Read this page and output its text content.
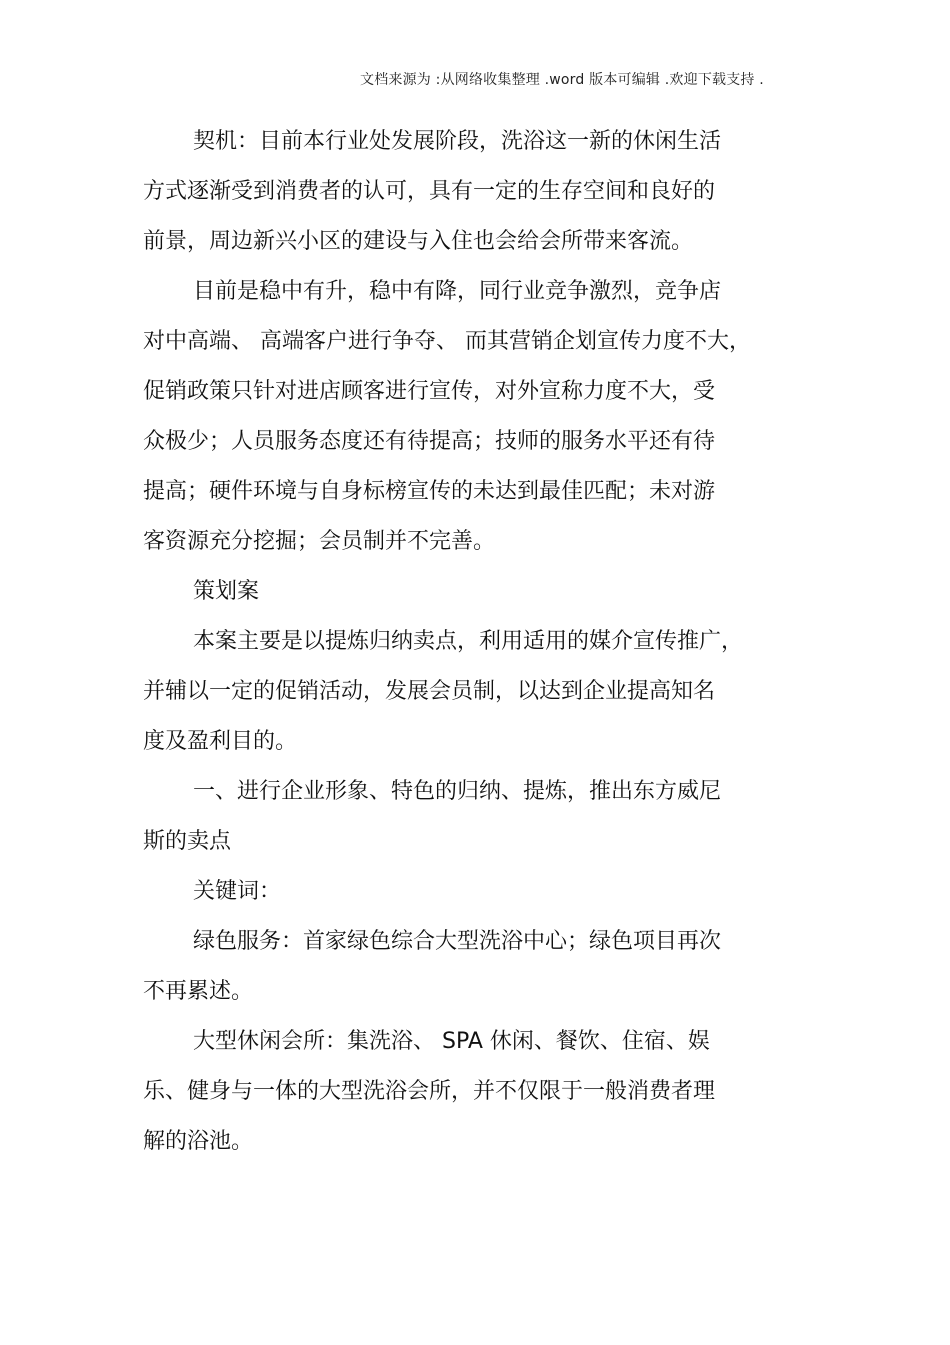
文档来源为 :从网络收集整理 .word 版本可编辑 .欢迎下载支持 .
契机：目前本行业处发展阶段，洗浴这一新的休闲生活
方式逐渐受到消费者的认可，具有一定的生存空间和良好的
前景，周边新兴小区的建设与入住也会给会所带来客流。
目前是稳中有升，稳中有降，同行业竞争激烈，竞争店
对中高端、 高端客户进行争夺、 而其营销企划宣传力度不大，
促销政策只针对进店顾客进行宣传，对外宣称力度不大，受
众极少；人员服务态度还有待提高；技师的服务水平还有待
提高；硬件环境与自身标榜宣传的未达到最佳匹配；未对游
客资源充分挖掘；会员制并不完善。
策划案
本案主要是以提炼归纳卖点，利用适用的媒介宣传推广，
并辅以一定的促销活动，发展会员制，以达到企业提高知名
度及盈利目的。
一、进行企业形象、特色的归纳、提炼，推出东方威尼
斯的卖点
关键词：
绿色服务：首家绿色综合大型洗浴中心；绿色项目再次
不再累述。
大型休闲会所：集洗浴、 SPA 休闲、餐饮、住宿、娱
乐、健身与一体的大型洗浴会所，并不仅限于一般消费者理
解的浴池。
